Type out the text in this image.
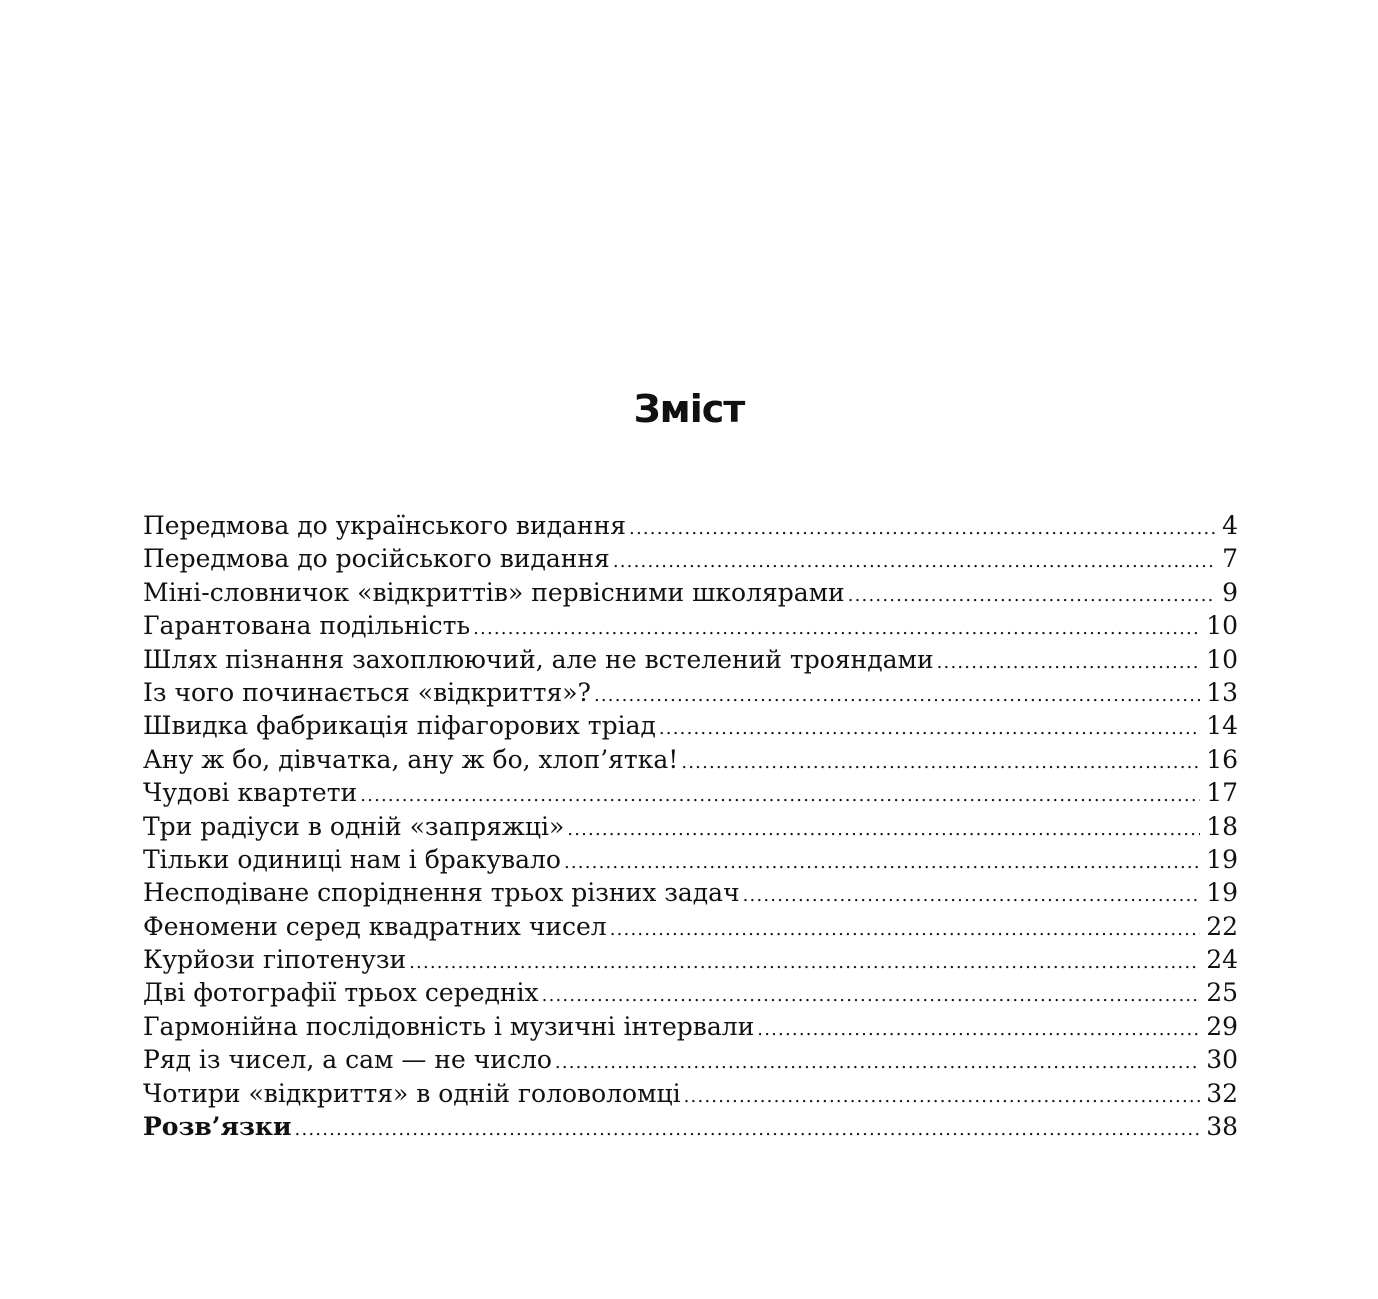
Зміст
Передмова до українського видання .....	4
Передмова до російського видання .....	7
Міні-словничок «відкриттів» первісними школярами .....	9
Гарантована подільність .....	10
Шлях пізнання захоплюючий, але не встелений трояндами .....	10
Із чого починається «відкриття»? .....	13
Швидка фабрикація піфагорових тріад .....	14
Ану ж бо, дівчатка, ану ж бо, хлоп’ятка! .....	16
Чудові квартети .....	17
Три радіуси в одній «запряжці» .....	18
Тільки одиниці нам і бракувало .....	19
Несподіване споріднення трьох різних задач .....	19
Феномени серед квадратних чисел .....	22
Курйози гіпотенузи .....	24
Дві фотографії трьох середніх .....	25
Гармонійна послідовність і музичні інтервали .....	29
Ряд із чисел, а сам — не число .....	30
Чотири «відкриття» в одній головоломці .....	32
Розв’язки .....	38
